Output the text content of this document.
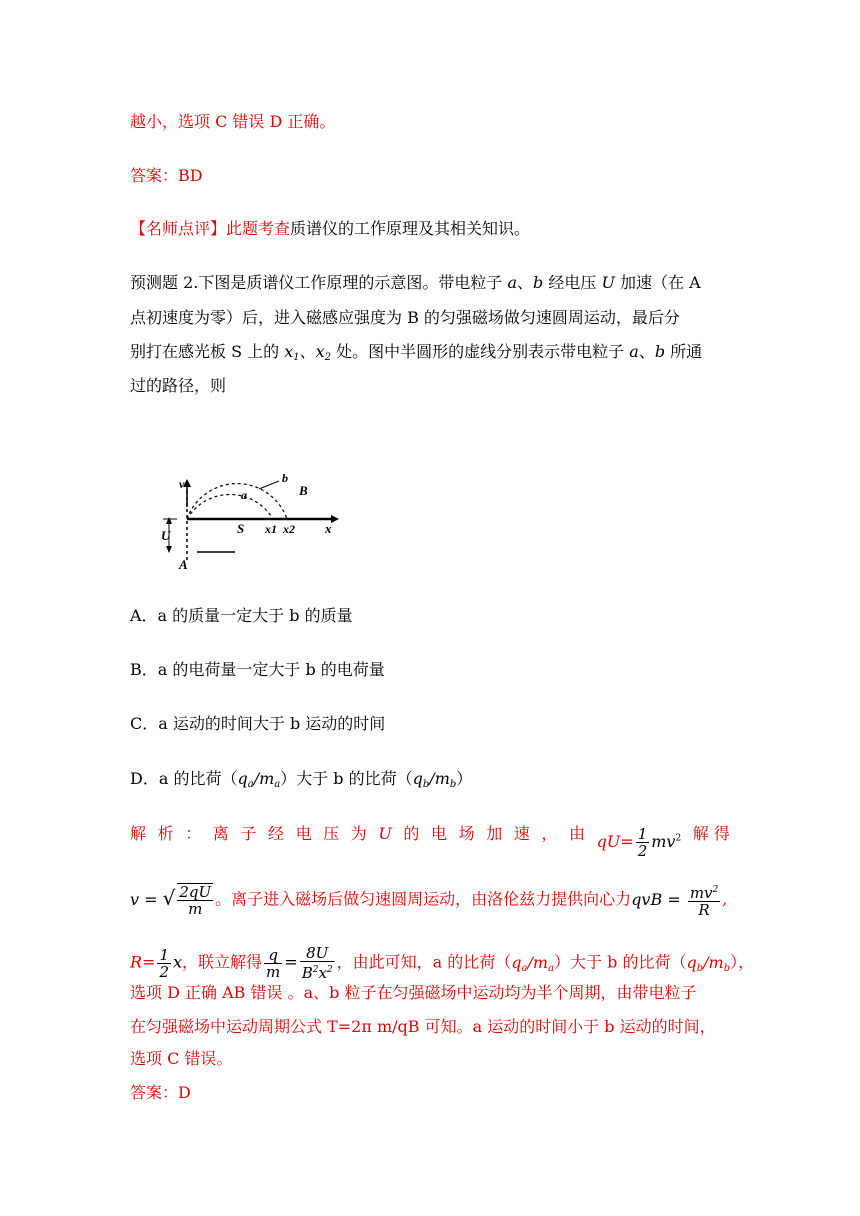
越小，选项 C 错误 D 正确。
答案：BD
【名师点评】此题考查质谱仪的工作原理及其相关知识。
预测题 2.下图是质谱仪工作原理的示意图。带电粒子 a、b 经电压 U 加速（在 A
点初速度为零）后，进入磁感应强度为 B 的匀强磁场做匀速圆周运动，最后分
别打在感光板 S 上的 $x_1$、$x_2$ 处。图中半圆形的虚线分别表示带电粒子 a、b 所通
过的路径，则
v	b
a	B
U	S x1 x2 x
A
A．a 的质量一定大于 b 的质量
B．a 的电荷量一定大于 b 的电荷量
C．a 运动的时间大于 b 运动的时间
D．a 的比荷$(q_a/m_a)$大于 b 的比荷$(q_b/m_b)$
解 析 ： 离 子 经 电 压 为 U 的 电 场 加 速 ， 由 $qU= \frac{1}{2} mv^2$ 解 得
v = √ $\frac{2qU}{m}$ 。离子进入磁场后做匀速圆周运动，由洛伦兹力提供向心力qvB = $\frac{mv^2}{R}$ ,
$R= \frac{1}{2}$ x，联立解得 $\frac{q}{m} = \frac{8U}{B^2x^2}$ ，由此可知，a 的比荷$(q_a/m_a)$大于 b 的比荷$(q_b/m_b)$，
选项 D 正确 AB 错误 。a、b 粒子在匀强磁场中运动均为半个周期，由带电粒子
在匀强磁场中运动周期公式 T=2π m/qB 可知。a 运动的时间小于 b 运动的时间，
选项 C 错误。
答案：D
